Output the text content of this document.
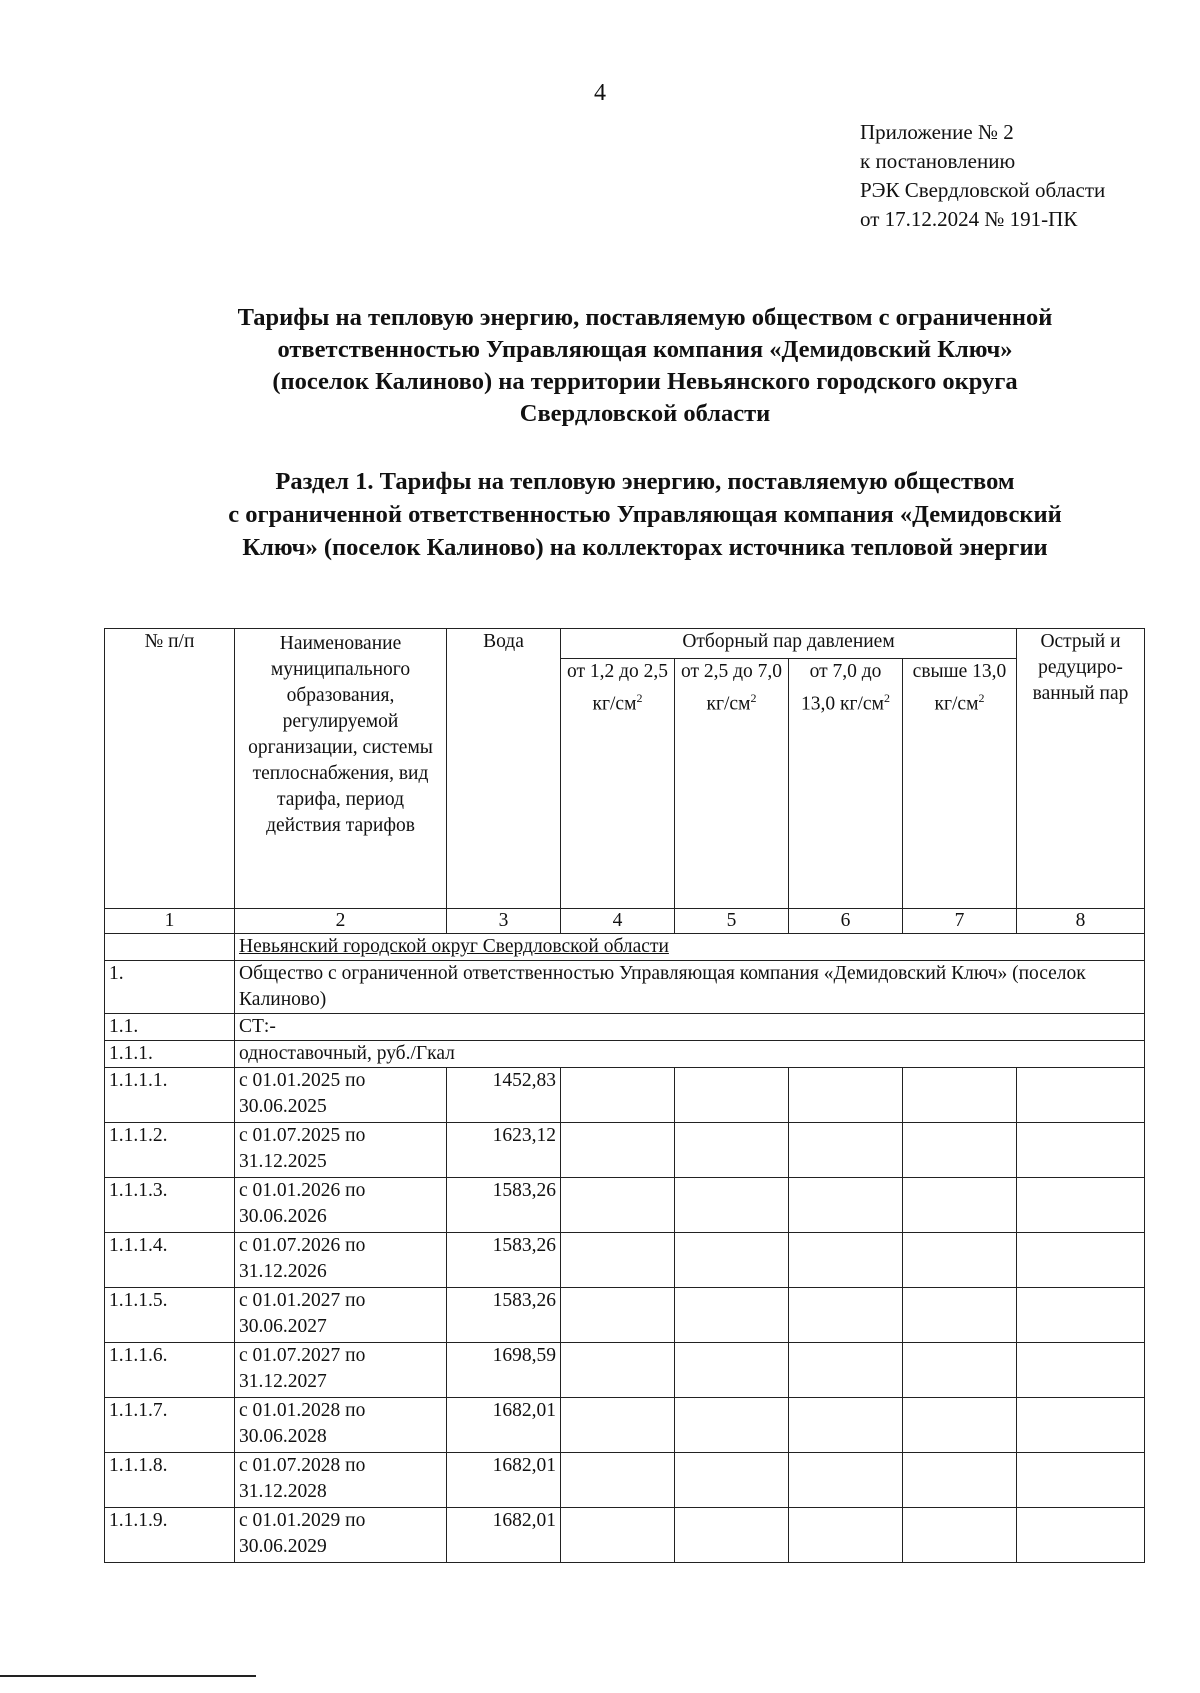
4
Приложение № 2
к постановлению
РЭК Свердловской области
от 17.12.2024 № 191-ПК
Тарифы на тепловую энергию, поставляемую обществом с ограниченной
ответственностью Управляющая компания «Демидовский Ключ»
(поселок Калиново) на территории Невьянского городского округа
Свердловской области
Раздел 1. Тарифы на тепловую энергию, поставляемую обществом
с ограниченной ответственностью Управляющая компания «Демидовский
Ключ» (поселок Калиново) на коллекторах источника тепловой энергии
№ п/п	Наименование муниципального образования, регулируемой организации, системы теплоснабжения, вид тарифа, период действия тарифов	Вода	Отборный пар давлением				Острый и редуциро-ванный пар
			от 1,2 до 2,5 $кг/см^2$	от 2,5 до 7,0 $кг/см^2$	от 7,0 до 13,0 $кг/см^2$	свыше 13,0 $кг/см^2$
1	2	3	4	5	6	7	8
	Невьянский городской округ Свердловской области						
1.	Общество с ограниченной ответственностью Управляющая компания «Демидовский Ключ» (поселок Калиново)						
1.1.	СТ:-						
1.1.1.	одноставочный, руб./Гкал						
1.1.1.1.	с 01.01.2025 по 30.06.2025	1452,83					
1.1.1.2.	с 01.07.2025 по 31.12.2025	1623,12					
1.1.1.3.	с 01.01.2026 по 30.06.2026	1583,26					
1.1.1.4.	с 01.07.2026 по 31.12.2026	1583,26					
1.1.1.5.	с 01.01.2027 по 30.06.2027	1583,26					
1.1.1.6.	с 01.07.2027 по 31.12.2027	1698,59					
1.1.1.7.	с 01.01.2028 по 30.06.2028	1682,01					
1.1.1.8.	с 01.07.2028 по 31.12.2028	1682,01					
1.1.1.9.	с 01.01.2029 по 30.06.2029	1682,01					
